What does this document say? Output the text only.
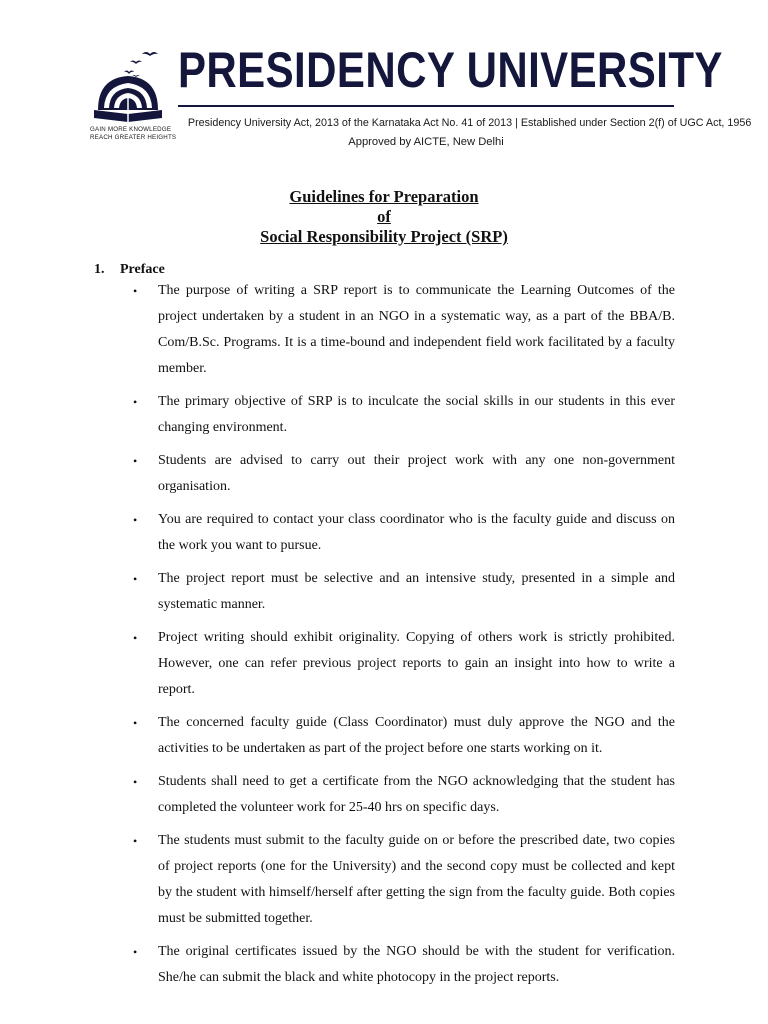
GAIN MORE KNOWLEDGE
REACH GREATER HEIGHTS
PRESIDENCY UNIVERSITY
Presidency University Act, 2013 of the Karnataka Act No. 41 of 2013 | Established under Section 2(f) of UGC Act, 1956
Approved by AICTE, New Delhi
Guidelines for Preparation
of
Social Responsibility Project (SRP)
1. Preface
• The purpose of writing a SRP report is to communicate the Learning Outcomes of the project undertaken by a student in an NGO in a systematic way, as a part of the BBA/B. Com/B.Sc. Programs. It is a time-bound and independent field work facilitated by a faculty member.
• The primary objective of SRP is to inculcate the social skills in our students in this ever changing environment.
• Students are advised to carry out their project work with any one non-government organisation.
• You are required to contact your class coordinator who is the faculty guide and discuss on the work you want to pursue.
• The project report must be selective and an intensive study, presented in a simple and systematic manner.
• Project writing should exhibit originality. Copying of others work is strictly prohibited. However, one can refer previous project reports to gain an insight into how to write a report.
• The concerned faculty guide (Class Coordinator) must duly approve the NGO and the activities to be undertaken as part of the project before one starts working on it.
• Students shall need to get a certificate from the NGO acknowledging that the student has completed the volunteer work for 25-40 hrs on specific days.
• The students must submit to the faculty guide on or before the prescribed date, two copies of project reports (one for the University) and the second copy must be collected and kept by the student with himself/herself after getting the sign from the faculty guide. Both copies must be submitted together.
• The original certificates issued by the NGO should be with the student for verification. She/he can submit the black and white photocopy in the project reports.
